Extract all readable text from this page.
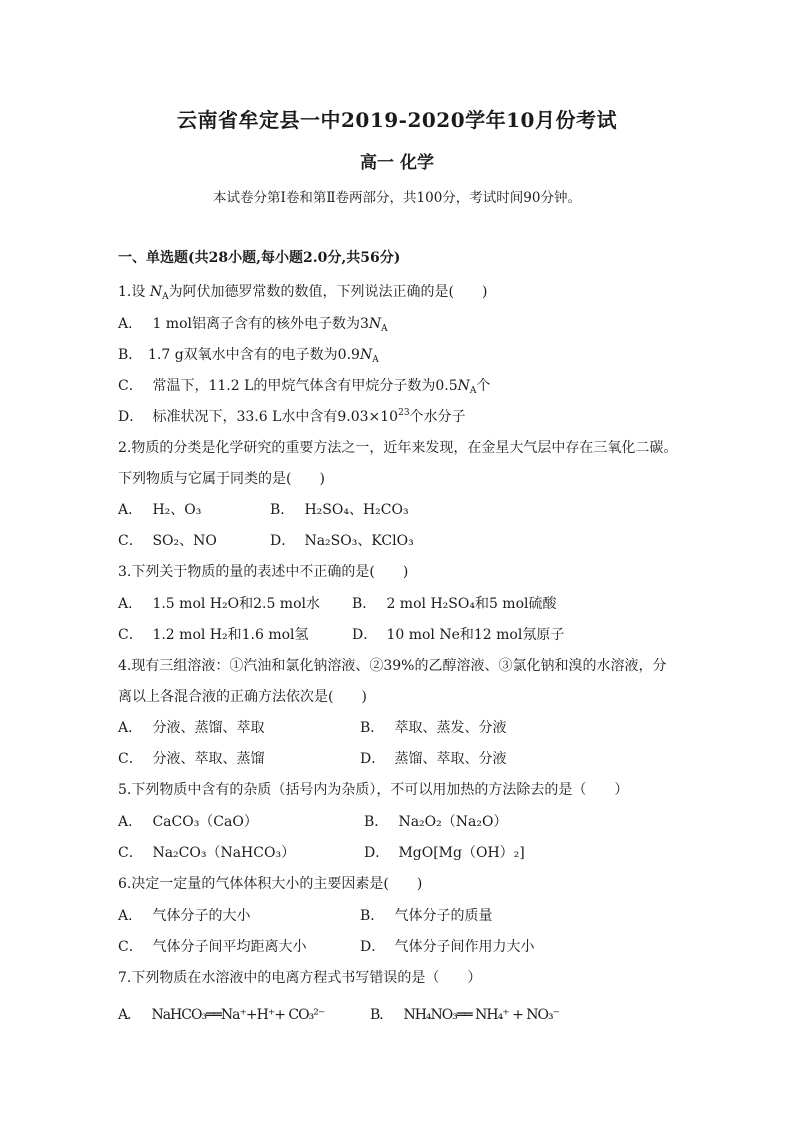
云南省牟定县一中2019-2020学年10月份考试
高一 化学
本试卷分第Ⅰ卷和第Ⅱ卷两部分，共100分，考试时间90分钟。
一、单选题(共28小题,每小题2.0分,共56分)
1.设 $N_A$为阿伏加德罗常数的数值，下列说法正确的是(　　)
A． 1 mol铝离子含有的核外电子数为$3N_A$
B． 1.7 g双氧水中含有的电子数为$0.9N_A$
C． 常温下，11.2 L的甲烷气体含有甲烷分子数为$0.5N_A$个
D． 标准状况下，33.6 L水中含有$9.03\times 10^{23}$个水分子
2.物质的分类是化学研究的重要方法之一，近年来发现，在金星大气层中存在三氧化二碳。
下列物质与它属于同类的是(　　)
A． H₂、O₃	B． H₂SO₄、H₂CO₃
C． SO₂、NO	D． Na₂SO₃、KClO₃
3.下列关于物质的量的表述中不正确的是(　　)
A． 1.5 mol H₂O和2.5 mol水 B． 2 mol H₂SO₄和5 mol硫酸
C． 1.2 mol H₂和1.6 mol氢	D． 10 mol Ne和12 mol氖原子
4.现有三组溶液：①汽油和氯化钠溶液、②39%的乙醇溶液、③氯化钠和溴的水溶液，分
离以上各混合液的正确方法依次是(　　)
A． 分液、蒸馏、萃取	B． 萃取、蒸发、分液
C． 分液、萃取、蒸馏	D． 蒸馏、萃取、分液
5.下列物质中含有的杂质（括号内为杂质），不可以用加热的方法除去的是（　　）
A． CaCO₃（CaO）	B． Na₂O₂（Na₂O）
C． Na₂CO₃（NaHCO₃）	D． MgO[Mg（OH）₂]
6.决定一定量的气体体积大小的主要因素是(　　)
A． 气体分子的大小	B． 气体分子的质量
C． 气体分子间平均距离大小	D． 气体分子间作用力大小
7.下列物质在水溶液中的电离方程式书写错误的是（　　）
A． NaHCO₃══Na⁺+H⁺+ CO₃²⁻	B． NH₄NO₃══ NH₄⁺ + NO₃⁻
